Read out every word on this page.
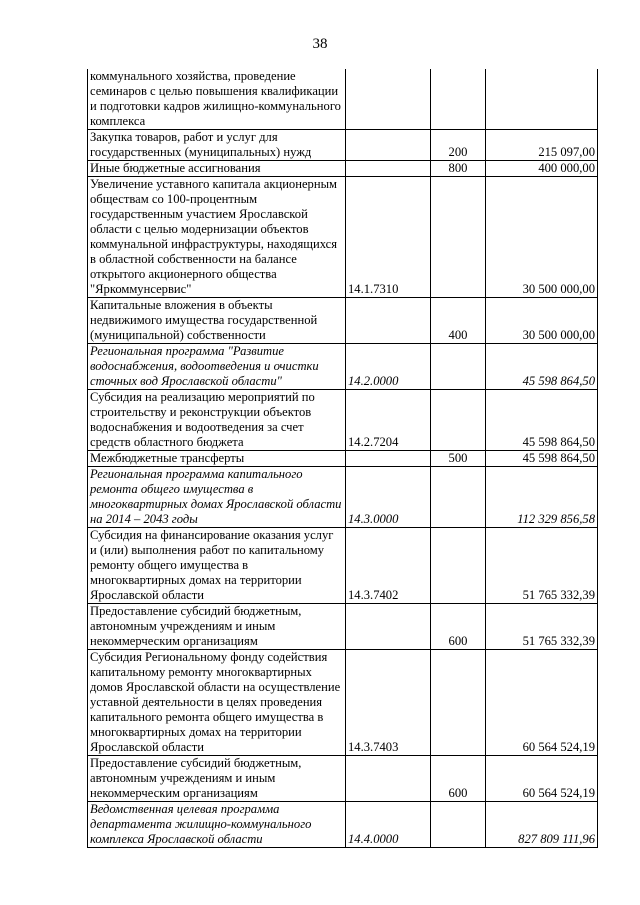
38
коммунального хозяйства, проведение семинаров с целью повышения квалификации и подготовки кадров жилищно-коммунального комплекса			
Закупка товаров, работ и услуг для государственных (муниципальных) нужд		200	215 097,00
Иные бюджетные ассигнования		800	400 000,00
Увеличение уставного капитала акционерным обществам со 100-процентным государственным участием Ярославской области с целью модернизации объектов коммунальной инфраструктуры, находящихся в областной собственности на балансе открытого акционерного общества "Яркоммунсервис"	14.1.7310		30 500 000,00
Капитальные вложения в объекты недвижимого имущества государственной (муниципальной) собственности		400	30 500 000,00
Региональная программа "Развитие водоснабжения, водоотведения и очистки сточных вод Ярославской области"	14.2.0000		45 598 864,50
Субсидия на реализацию мероприятий по строительству и реконструкции объектов водоснабжения и водоотведения за счет средств областного бюджета	14.2.7204		45 598 864,50
Межбюджетные трансферты		500	45 598 864,50
Региональная программа капитального ремонта общего имущества в многоквартирных домах Ярославской области на 2014 – 2043 годы	14.3.0000		112 329 856,58
Субсидия на финансирование оказания услуг и (или) выполнения работ по капитальному ремонту общего имущества в многоквартирных домах на территории Ярославской области	14.3.7402		51 765 332,39
Предоставление субсидий бюджетным, автономным учреждениям и иным некоммерческим организациям		600	51 765 332,39
Субсидия Региональному фонду содействия капитальному ремонту многоквартирных домов Ярославской области на осуществление уставной деятельности в целях проведения капитального ремонта общего имущества в многоквартирных домах на территории Ярославской области	14.3.7403		60 564 524,19
Предоставление субсидий бюджетным, автономным учреждениям и иным некоммерческим организациям		600	60 564 524,19
Ведомственная целевая программа департамента жилищно-коммунального комплекса Ярославской области	14.4.0000		827 809 111,96
